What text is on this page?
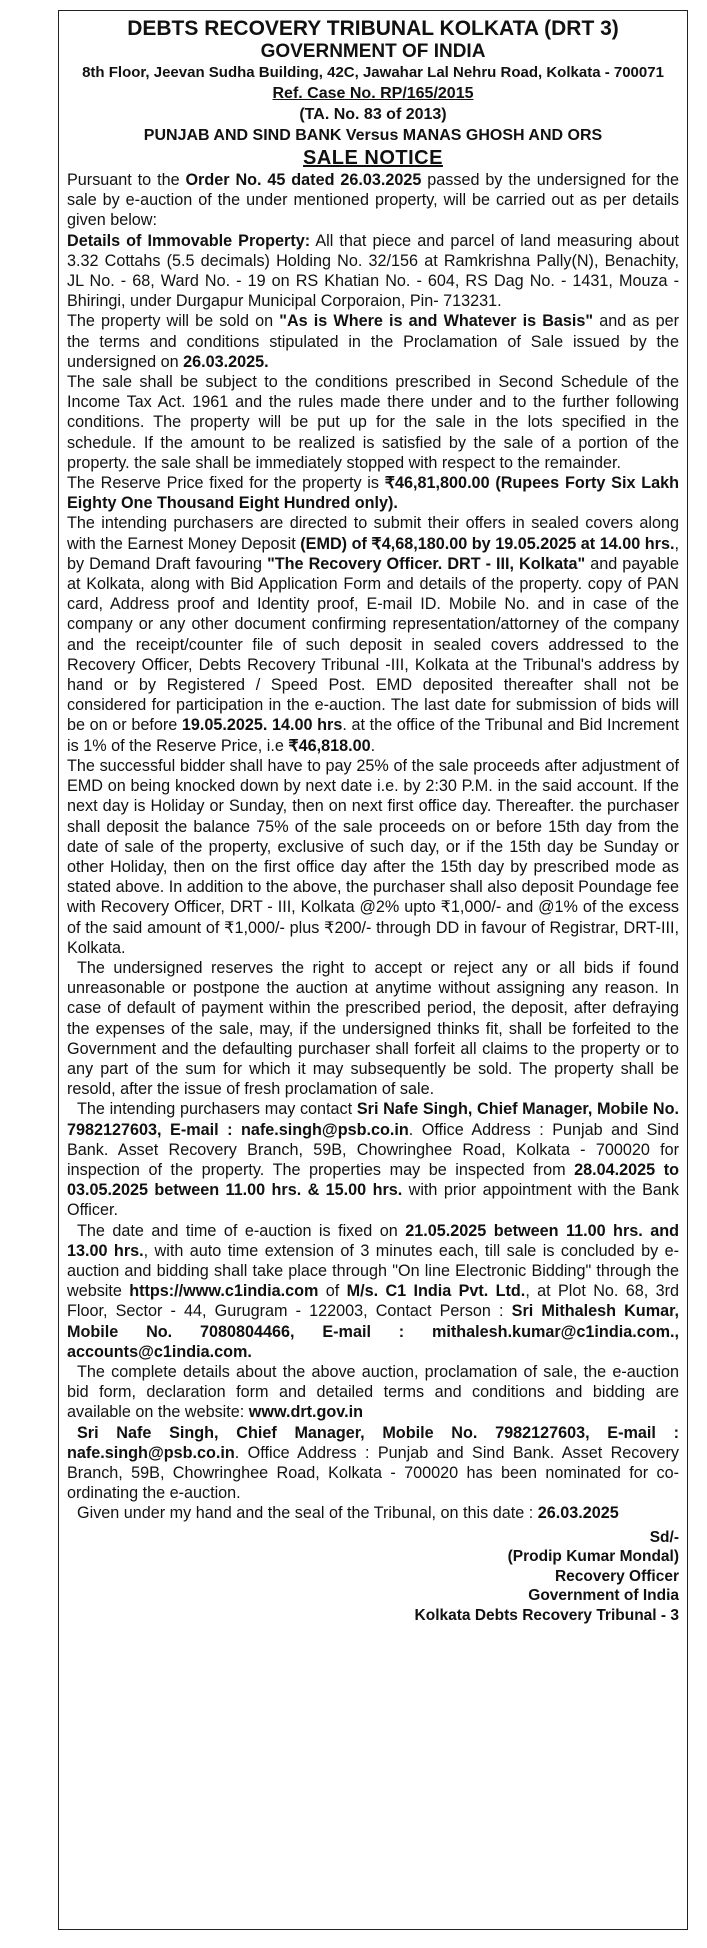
DEBTS RECOVERY TRIBUNAL KOLKATA (DRT 3)
GOVERNMENT OF INDIA
8th Floor, Jeevan Sudha Building, 42C, Jawahar Lal Nehru Road, Kolkata - 700071
Ref. Case No. RP/165/2015
(TA. No. 83 of 2013)
PUNJAB AND SIND BANK Versus MANAS GHOSH AND ORS
SALE NOTICE

Pursuant to the Order No. 45 dated 26.03.2025 passed by the undersigned for the sale by e-auction of the under mentioned property, will be carried out as per details given below:

Details of Immovable Property: All that piece and parcel of land measuring about 3.32 Cottahs (5.5 decimals) Holding No. 32/156 at Ramkrishna Pally(N), Benachity, JL No. - 68, Ward No. - 19 on RS Khatian No. - 604, RS Dag No. - 1431, Mouza - Bhiringi, under Durgapur Municipal Corporaion, Pin- 713231.

The property will be sold on "As is Where is and Whatever is Basis" and as per the terms and conditions stipulated in the Proclamation of Sale issued by the undersigned on 26.03.2025.

The sale shall be subject to the conditions prescribed in Second Schedule of the Income Tax Act. 1961 and the rules made there under and to the further following conditions. The property will be put up for the sale in the lots specified in the schedule. If the amount to be realized is satisfied by the sale of a portion of the property. the sale shall be immediately stopped with respect to the remainder.

The Reserve Price fixed for the property is ₹46,81,800.00 (Rupees Forty Six Lakh Eighty One Thousand Eight Hundred only).

The intending purchasers are directed to submit their offers in sealed covers along with the Earnest Money Deposit (EMD) of ₹4,68,180.00 by 19.05.2025 at 14.00 hrs., by Demand Draft favouring "The Recovery Officer. DRT - III, Kolkata" and payable at Kolkata, along with Bid Application Form and details of the property. copy of PAN card, Address proof and Identity proof, E-mail ID. Mobile No. and in case of the company or any other document confirming representation/attorney of the company and the receipt/counter file of such deposit in sealed covers addressed to the Recovery Officer, Debts Recovery Tribunal -III, Kolkata at the Tribunal's address by hand or by Registered / Speed Post. EMD deposited thereafter shall not be considered for participation in the e-auction. The last date for submission of bids will be on or before 19.05.2025. 14.00 hrs. at the office of the Tribunal and Bid Increment is 1% of the Reserve Price, i.e ₹46,818.00.

The successful bidder shall have to pay 25% of the sale proceeds after adjustment of EMD on being knocked down by next date i.e. by 2:30 P.M. in the said account. If the next day is Holiday or Sunday, then on next first office day. Thereafter. the purchaser shall deposit the balance 75% of the sale proceeds on or before 15th day from the date of sale of the property, exclusive of such day, or if the 15th day be Sunday or other Holiday, then on the first office day after the 15th day by prescribed mode as stated above. In addition to the above, the purchaser shall also deposit Poundage fee with Recovery Officer, DRT - III, Kolkata @2% upto ₹1,000/- and @1% of the excess of the said amount of ₹1,000/- plus ₹200/- through DD in favour of Registrar, DRT-III, Kolkata.

The undersigned reserves the right to accept or reject any or all bids if found unreasonable or postpone the auction at anytime without assigning any reason. In case of default of payment within the prescribed period, the deposit, after defraying the expenses of the sale, may, if the undersigned thinks fit, shall be forfeited to the Government and the defaulting purchaser shall forfeit all claims to the property or to any part of the sum for which it may subsequently be sold. The property shall be resold, after the issue of fresh proclamation of sale.

The intending purchasers may contact Sri Nafe Singh, Chief Manager, Mobile No. 7982127603, E-mail : nafe.singh@psb.co.in. Office Address : Punjab and Sind Bank. Asset Recovery Branch, 59B, Chowringhee Road, Kolkata - 700020 for inspection of the property. The properties may be inspected from 28.04.2025 to 03.05.2025 between 11.00 hrs. & 15.00 hrs. with prior appointment with the Bank Officer.

The date and time of e-auction is fixed on 21.05.2025 between 11.00 hrs. and 13.00 hrs., with auto time extension of 3 minutes each, till sale is concluded by e-auction and bidding shall take place through "On line Electronic Bidding" through the website https://www.c1india.com of M/s. C1 India Pvt. Ltd., at Plot No. 68, 3rd Floor, Sector - 44, Gurugram - 122003, Contact Person : Sri Mithalesh Kumar, Mobile No. 7080804466, E-mail : mithalesh.kumar@c1india.com., accounts@c1india.com.

The complete details about the above auction, proclamation of sale, the e-auction bid form, declaration form and detailed terms and conditions and bidding are available on the website: www.drt.gov.in

Sri Nafe Singh, Chief Manager, Mobile No. 7982127603, E-mail : nafe.singh@psb.co.in. Office Address : Punjab and Sind Bank. Asset Recovery Branch, 59B, Chowringhee Road, Kolkata - 700020 has been nominated for co-ordinating the e-auction.

Given under my hand and the seal of the Tribunal, on this date : 26.03.2025

Sd/-
(Prodip Kumar Mondal)
Recovery Officer
Government of India
Kolkata Debts Recovery Tribunal - 3
